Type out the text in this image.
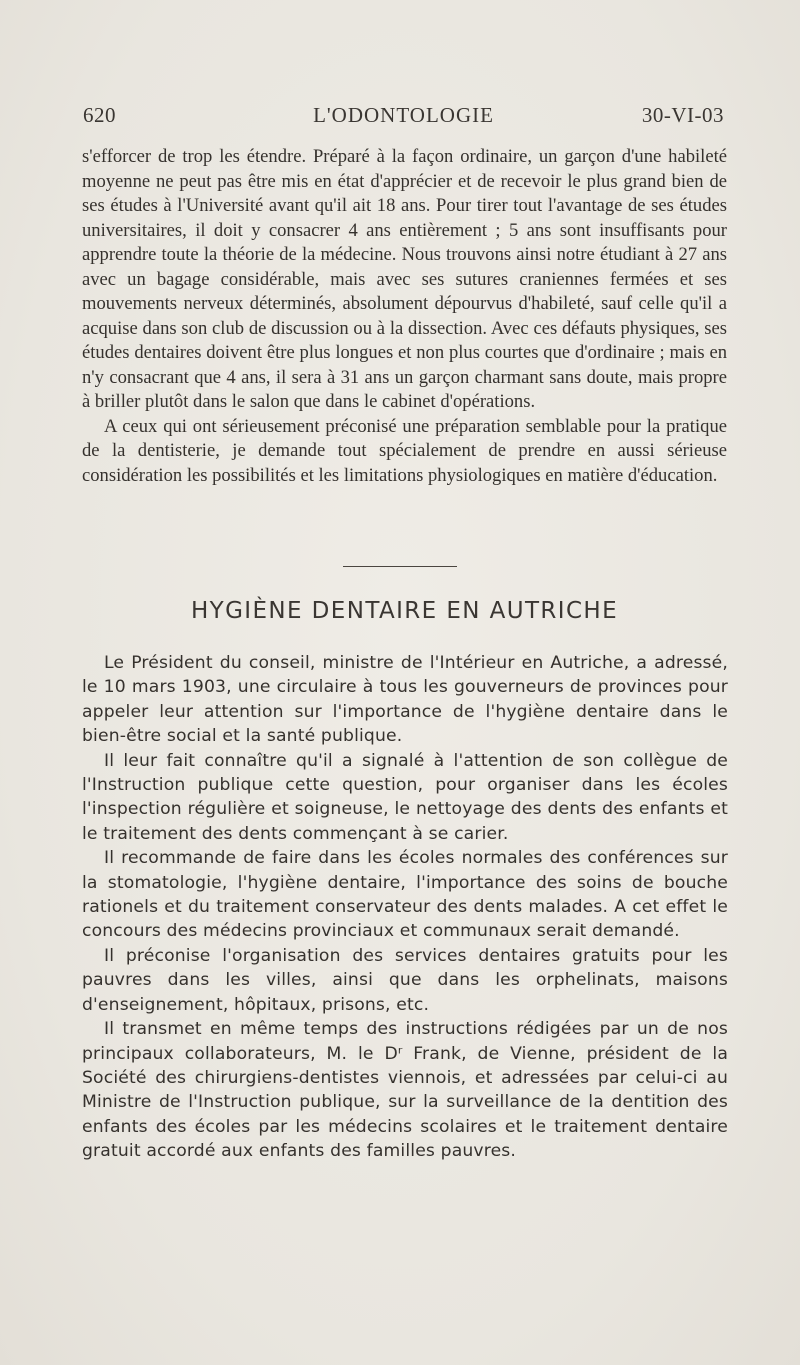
620	L'ODONTOLOGIE	30-VI-03

s'efforcer de trop les étendre. Préparé à la façon ordinaire, un garçon d'une habileté moyenne ne peut pas être mis en état d'apprécier et de recevoir le plus grand bien de ses études à l'Université avant qu'il ait 18 ans. Pour tirer tout l'avantage de ses études universitaires, il doit y consacrer 4 ans entièrement ; 5 ans sont insuffisants pour apprendre toute la théorie de la médecine. Nous trouvons ainsi notre étudiant à 27 ans avec un bagage considérable, mais avec ses sutures craniennes fermées et ses mouvements nerveux déterminés, absolument dépourvus d'habileté, sauf celle qu'il a acquise dans son club de discussion ou à la dissection. Avec ces défauts physiques, ses études dentaires doivent être plus longues et non plus courtes que d'ordinaire ; mais en n'y consacrant que 4 ans, il sera à 31 ans un garçon charmant sans doute, mais propre à briller plutôt dans le salon que dans le cabinet d'opérations.

A ceux qui ont sérieusement préconisé une préparation semblable pour la pratique de la dentisterie, je demande tout spécialement de prendre en aussi sérieuse considération les possibilités et les limitations physiologiques en matière d'éducation.

HYGIÈNE DENTAIRE EN AUTRICHE

Le Président du conseil, ministre de l'Intérieur en Autriche, a adressé, le 10 mars 1903, une circulaire à tous les gouverneurs de provinces pour appeler leur attention sur l'importance de l'hygiène dentaire dans le bien-être social et la santé publique.

Il leur fait connaître qu'il a signalé à l'attention de son collègue de l'Instruction publique cette question, pour organiser dans les écoles l'inspection régulière et soigneuse, le nettoyage des dents des enfants et le traitement des dents commençant à se carier.

Il recommande de faire dans les écoles normales des conférences sur la stomatologie, l'hygiène dentaire, l'importance des soins de bouche rationels et du traitement conservateur des dents malades. A cet effet le concours des médecins provinciaux et communaux serait demandé.

Il préconise l'organisation des services dentaires gratuits pour les pauvres dans les villes, ainsi que dans les orphelinats, maisons d'enseignement, hôpitaux, prisons, etc.

Il transmet en même temps des instructions rédigées par un de nos principaux collaborateurs, M. le Dʳ Frank, de Vienne, président de la Société des chirurgiens-dentistes viennois, et adressées par celui-ci au Ministre de l'Instruction publique, sur la surveillance de la dentition des enfants des écoles par les médecins scolaires et le traitement dentaire gratuit accordé aux enfants des familles pauvres.
